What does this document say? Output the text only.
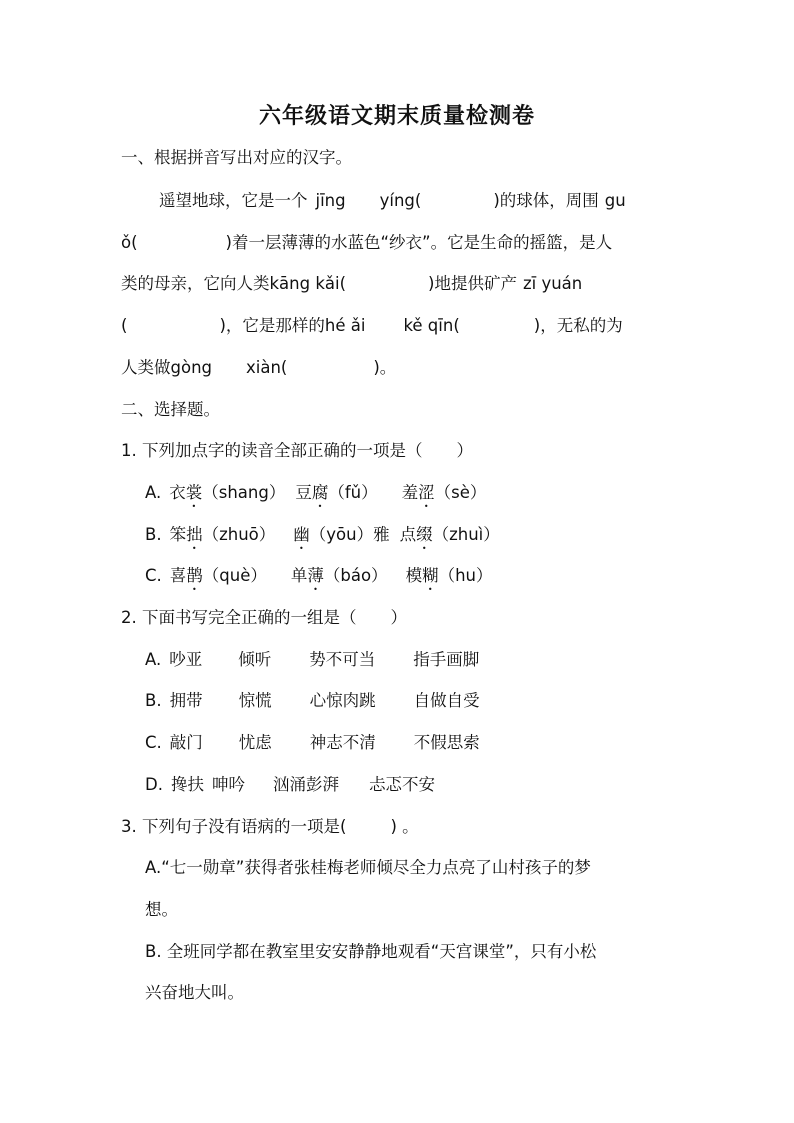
六年级语文期末质量检测卷
一、根据拼音写出对应的汉字。
遥望地球，它是一个 jīng yíng(	)的球体，周围 gu
ǒ(	)着一层薄薄的水蓝色“纱衣”。它是生命的摇篮，是人
类的母亲，它向人类kāng kǎi(	)地提供矿产 zī yuán
(	)，它是那样的hé ǎi kě qīn(	)，无私的为
人类做gòng xiàn(	)。
二、选择题。
1. 下列加点字的读音全部正确的一项是（ ）
A. 衣裳（shang） 豆腐（fǔ） 羞涩（sè）
B. 笨拙（zhuō） 幽（yōu）雅 点缀（zhuì）
C. 喜鹊（què） 单薄（báo） 模糊（hu）
2. 下面书写完全正确的一组是（ ）
A. 吵亚 倾听 势不可当 指手画脚
B. 拥带 惊慌 心惊肉跳 自做自受
C. 敲门 忧虑 神志不清 不假思索
D. 搀扶 呻吟 汹涌彭湃 忐忑不安
3. 下列句子没有语病的一项是(	) 。
A.“七一勋章”获得者张桂梅老师倾尽全力点亮了山村孩子的梦
想。
B. 全班同学都在教室里安安静静地观看“天宫课堂”，只有小松
兴奋地大叫。
